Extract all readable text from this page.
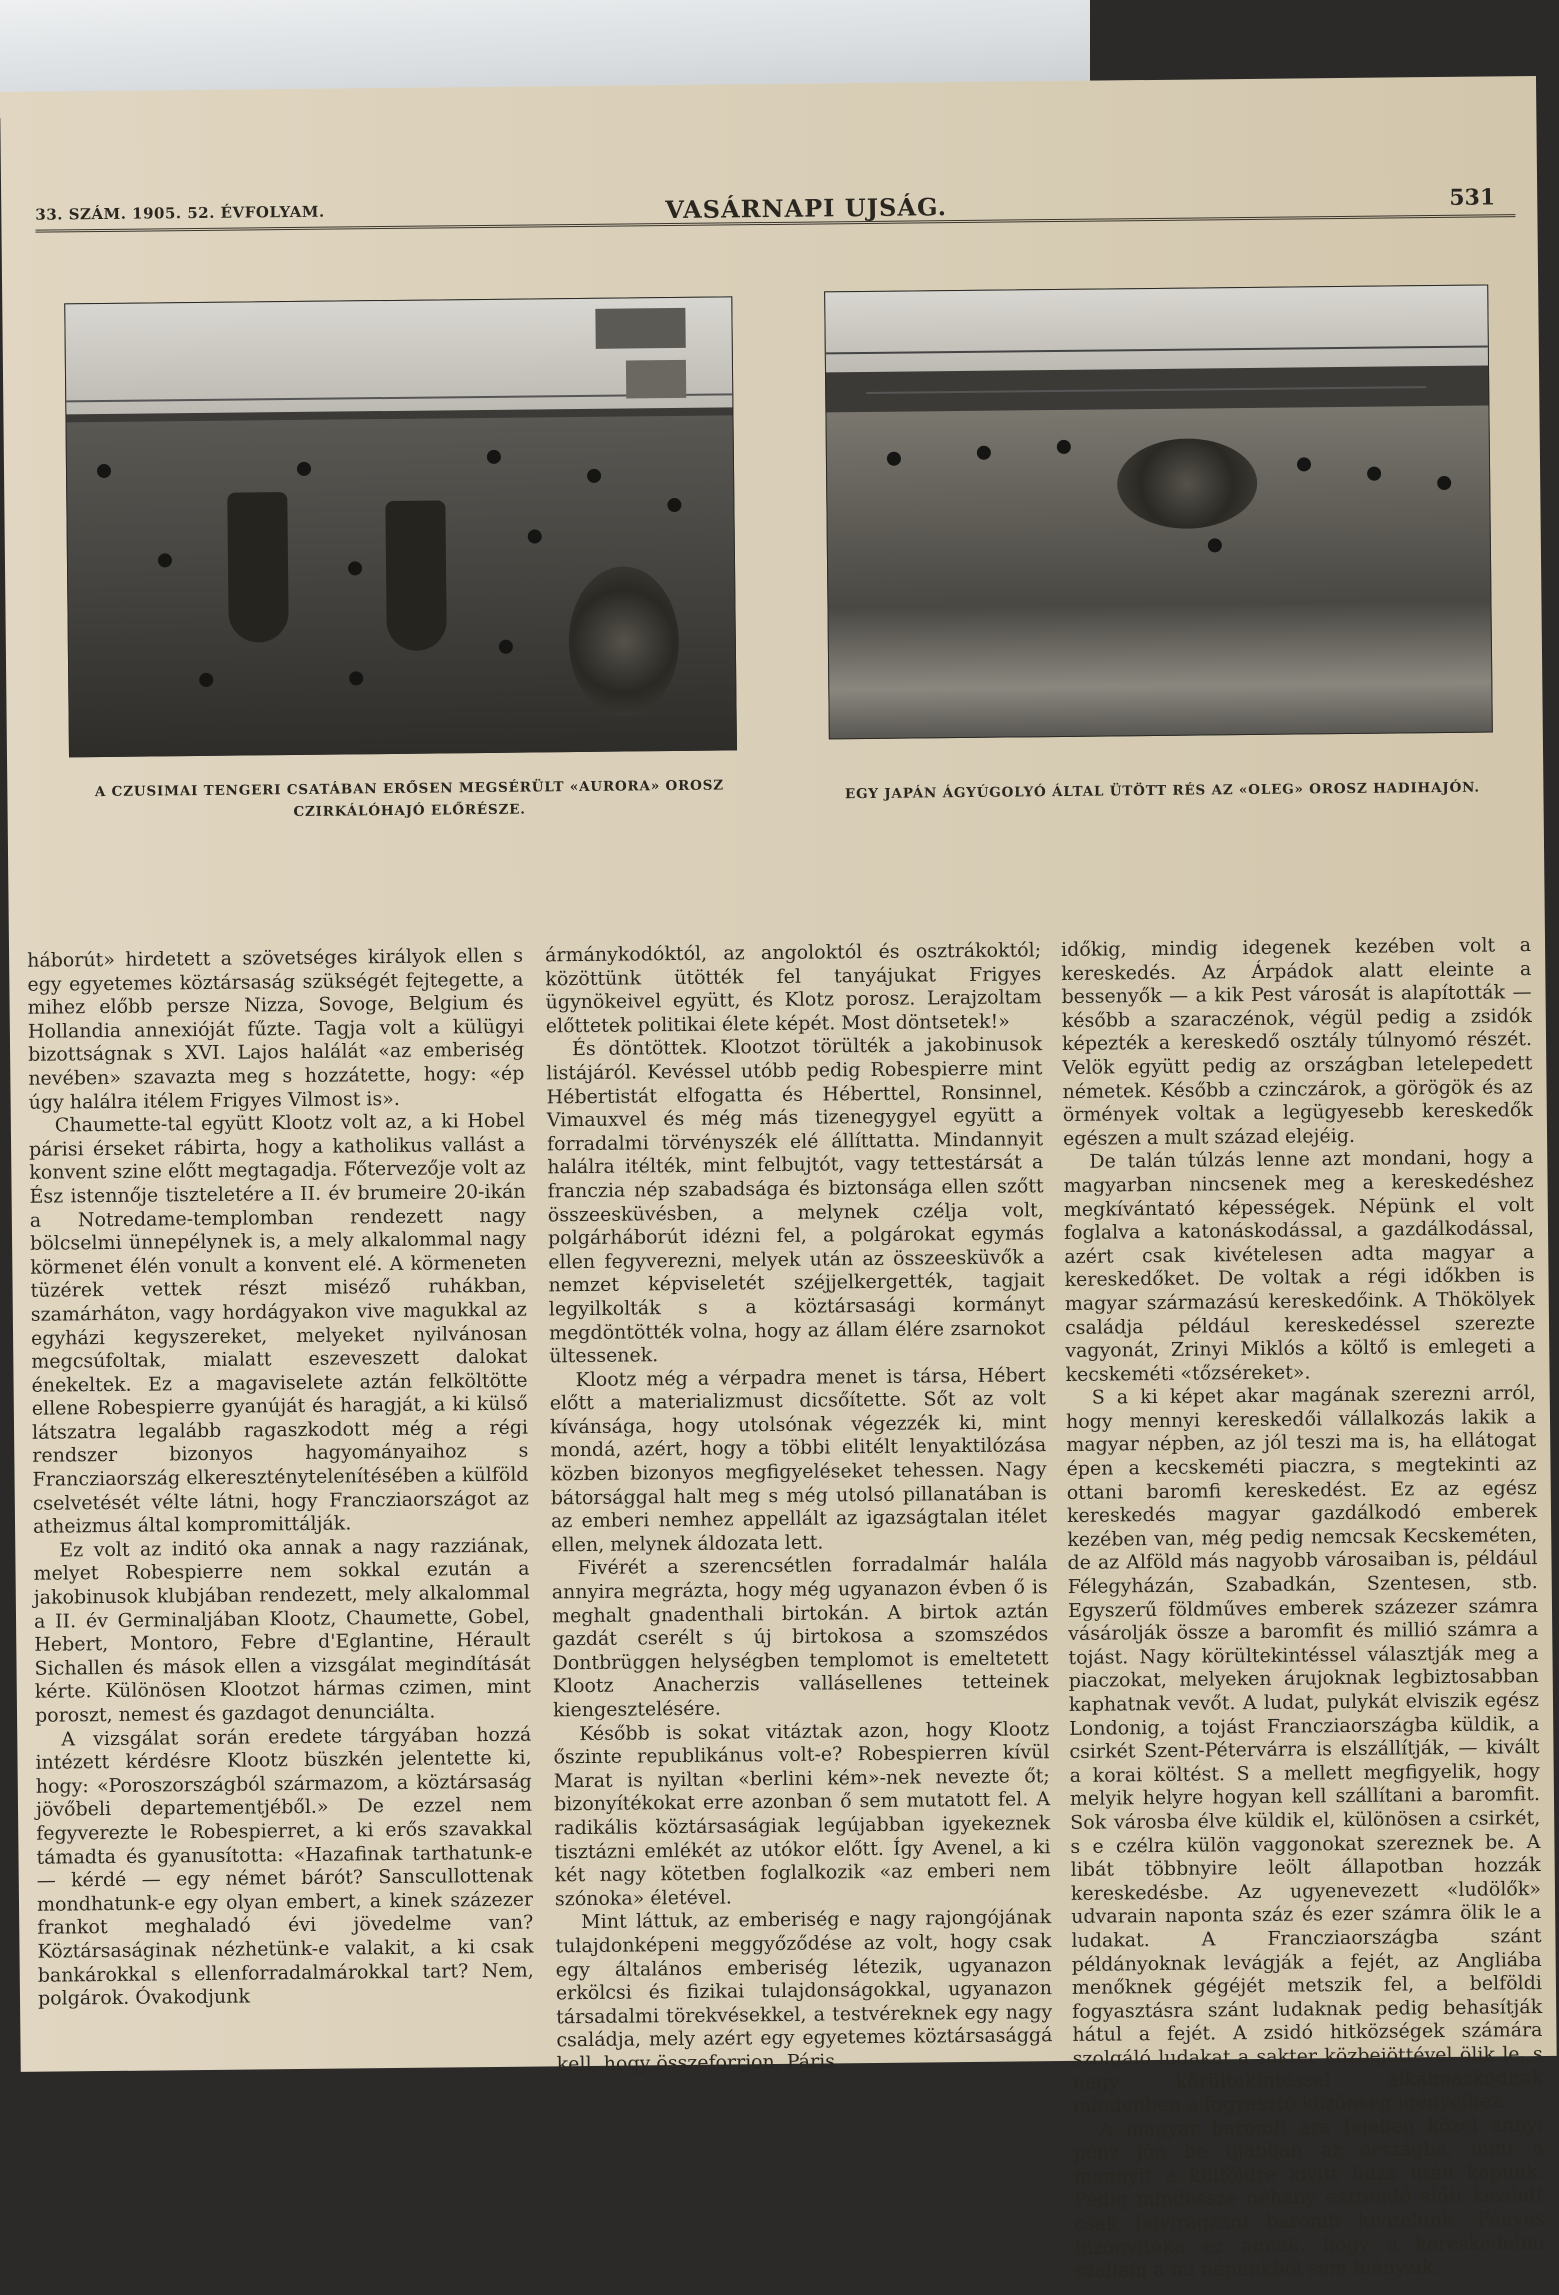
33. SZÁM. 1905. 52. ÉVFOLYAM.	VASÁRNAPI UJSÁG.	531
A CZUSIMAI TENGERI CSATÁBAN ERŐSEN MEGSÉRÜLT «AURORA» OROSZ
CZIRKÁLÓHAJÓ ELŐRÉSZE.
EGY JAPÁN ÁGYÚGOLYÓ ÁLTAL ÜTÖTT RÉS AZ «OLEG» OROSZ HADIHAJÓN.

háborút» hirdetett a szövetséges királyok ellen s egy egyetemes köztársaság szükségét fejtegette, a mihez előbb persze Nizza, Sovoge, Belgium és Hollandia annexióját fűzte. Tagja volt a külügyi bizottságnak s XVI. Lajos halálát «az emberiség nevében» szavazta meg s hozzátette, hogy: «ép úgy halálra itélem Frigyes Vilmost is».

Chaumette-tal együtt Klootz volt az, a ki Hobel párisi érseket rábirta, hogy a katholikus vallást a konvent szine előtt megtagadja. Főtervezője volt az Ész istennője tiszteletére a II. év brumeire 20-ikán a Notredame-templomban rendezett nagy bölcselmi ünnepélynek is, a mely alkalommal nagy körmenet élén vonult a konvent elé. A körmeneten tüzérek vettek részt miséző ruhákban, szamárháton, vagy hordágyakon vive magukkal az egyházi kegyszereket, melyeket nyilvánosan megcsúfoltak, mialatt eszeveszett dalokat énekeltek. Ez a magaviselete aztán felköltötte ellene Robespierre gyanúját és haragját, a ki külső látszatra legalább ragaszkodott még a régi rendszer bizonyos hagyományaihoz s Francziaország elkereszténytelenítésében a külföld cselvetését vélte látni, hogy Francziaországot az atheizmus által kompromittálják.

Ez volt az inditó oka annak a nagy razziának, melyet Robespierre nem sokkal ezután a jakobinusok klubjában rendezett, mely alkalommal a II. év Germinaljában Klootz, Chaumette, Gobel, Hebert, Montoro, Febre d'Eglantine, Hérault Sichallen és mások ellen a vizsgálat megindítását kérte. Különösen Klootzot hármas czimen, mint poroszt, nemest és gazdagot denunciálta.

A vizsgálat során eredete tárgyában hozzá intézett kérdésre Klootz büszkén jelentette ki, hogy: «Poroszországból származom, a köztársaság jövőbeli departementjéből.» De ezzel nem fegyverezte le Robespierret, a ki erős szavakkal támadta és gyanusította: «Hazafinak tarthatunk-e — kérdé — egy német bárót? Sanscullottenak mondhatunk-e egy olyan embert, a kinek százezer frankot meghaladó évi jövedelme van? Köztársaságinak nézhetünk-e valakit, a ki csak bankárokkal s ellenforradalmárokkal tart? Nem, polgárok. Óvakodjunk

ármánykodóktól, az angoloktól és osztrákoktól; közöttünk ütötték fel tanyájukat Frigyes ügynökeivel együtt, és Klotz porosz. Lerajzoltam előttetek politikai élete képét. Most döntsetek!»

És döntöttek. Klootzot törülték a jakobinusok listájáról. Kevéssel utóbb pedig Robespierre mint Hébertistát elfogatta és Héberttel, Ronsinnel, Vimauxvel és még más tizenegygyel együtt a forradalmi törvényszék elé állíttatta. Mindannyit halálra itélték, mint felbujtót, vagy tettestársát a franczia nép szabadsága és biztonsága ellen szőtt összeesküvésben, a melynek czélja volt, polgárháborút idézni fel, a polgárokat egymás ellen fegyverezni, melyek után az összeesküvők a nemzet képviseletét széjjelkergették, tagjait legyilkolták s a köztársasági kormányt megdöntötték volna, hogy az állam élére zsarnokot ültessenek.

Klootz még a vérpadra menet is társa, Hébert előtt a materializmust dicsőítette. Sőt az volt kívánsága, hogy utolsónak végezzék ki, mint mondá, azért, hogy a többi elitélt lenyaktilózása közben bizonyos megfigyeléseket tehessen. Nagy bátorsággal halt meg s még utolsó pillanatában is az emberi nemhez appellált az igazságtalan itélet ellen, melynek áldozata lett.

Fivérét a szerencsétlen forradalmár halála annyira megrázta, hogy még ugyanazon évben ő is meghalt gnadenthali birtokán. A birtok aztán gazdát cserélt s új birtokosa a szomszédos Dontbrüggen helységben templomot is emeltetett Klootz Anacherzis vallásellenes tetteinek kiengesztelésére.

Később is sokat vitáztak azon, hogy Klootz őszinte republikánus volt-e? Robespierren kívül Marat is nyiltan «berlini kém»-nek nevezte őt; bizonyítékokat erre azonban ő sem mutatott fel. A radikális köztársaságiak legújabban igyekeznek tisztázni emlékét az utókor előtt. Így Avenel, a ki két nagy kötetben foglalkozik «az emberi nem szónoka» életével.

Mint láttuk, az emberiség e nagy rajongójának tulajdonképeni meggyőződése az volt, hogy csak egy általános emberiség létezik, ugyanazon erkölcsi és fizikai tulajdonságokkal, ugyanazon társadalmi törekvésekkel, a testvéreknek egy nagy családja, mely azért egy egyetemes köztársasággá kell, hogy összeforrjon. Páris

időkig, mindig idegenek kezében volt a kereskedés. Az Árpádok alatt eleinte a bessenyők — a kik Pest városát is alapították — később a szaraczénok, végül pedig a zsidók képezték a kereskedő osztály túlnyomó részét. Velök együtt pedig az országban letelepedett németek. Később a czinczárok, a görögök és az örmények voltak a legügyesebb kereskedők egészen a mult század elejéig.

De talán túlzás lenne azt mondani, hogy a magyarban nincsenek meg a kereskedéshez megkívántató képességek. Népünk el volt foglalva a katonáskodással, a gazdálkodással, azért csak kivételesen adta magyar a kereskedőket. De voltak a régi időkben is magyar származású kereskedőink. A Thökölyek családja például kereskedéssel szerezte vagyonát, Zrinyi Miklós a költő is emlegeti a kecskeméti «tőzséreket».

S a ki képet akar magának szerezni arról, hogy mennyi kereskedői vállalkozás lakik a magyar népben, az jól teszi ma is, ha ellátogat épen a kecskeméti piaczra, s megtekinti az ottani baromfi kereskedést. Ez az egész kereskedés magyar gazdálkodó emberek kezében van, még pedig nemcsak Kecskeméten, de az Alföld más nagyobb városaiban is, például Félegyházán, Szabadkán, Szentesen, stb. Egyszerű földműves emberek százezer számra vásárolják össze a baromfit és millió számra a tojást. Nagy körültekintéssel választják meg a piaczokat, melyeken árujoknak legbiztosabban kaphatnak vevőt. A ludat, pulykát elviszik egész Londonig, a tojást Francziaországba küldik, a csirkét Szent-Pétervárra is elszállítják, — kivált a korai költést. S a mellett megfigyelik, hogy melyik helyre hogyan kell szállítani a baromfit. Sok városba élve küldik el, különösen a csirkét, s e czélra külön vaggonokat szereznek be. A libát többnyire leölt állapotban hozzák kereskedésbe. Az ugyenevezett «ludölők» udvarain naponta száz és ezer számra ölik le a ludakat. A Francziaországba szánt példányoknak levágják a fejét, az Angliába menőknek gégéjét metszik fel, a belföldi fogyasztásra szánt ludaknak pedig behasítják hátul a fejét. A zsidó hitközségek számára szolgáló ludakat a sakter közbejöttével ölik le, s nagy körültekintéssel alkalmazkodnak mindenben a fogyasztó közönség igényeihez.

A magyar baromfi ára fejében közel annyi pénz jön be ujabban az országba, mint a mennyit a külföldre kivitt búza után kapunk. Pedig mindössze néhány esztendő előtt kezdett csak felvirágzani baromfi kivitelünk. Fényes bizonyítéka ez annak, hogy a kereskedelmi szellem a mi népünkből sem hiányzik.
